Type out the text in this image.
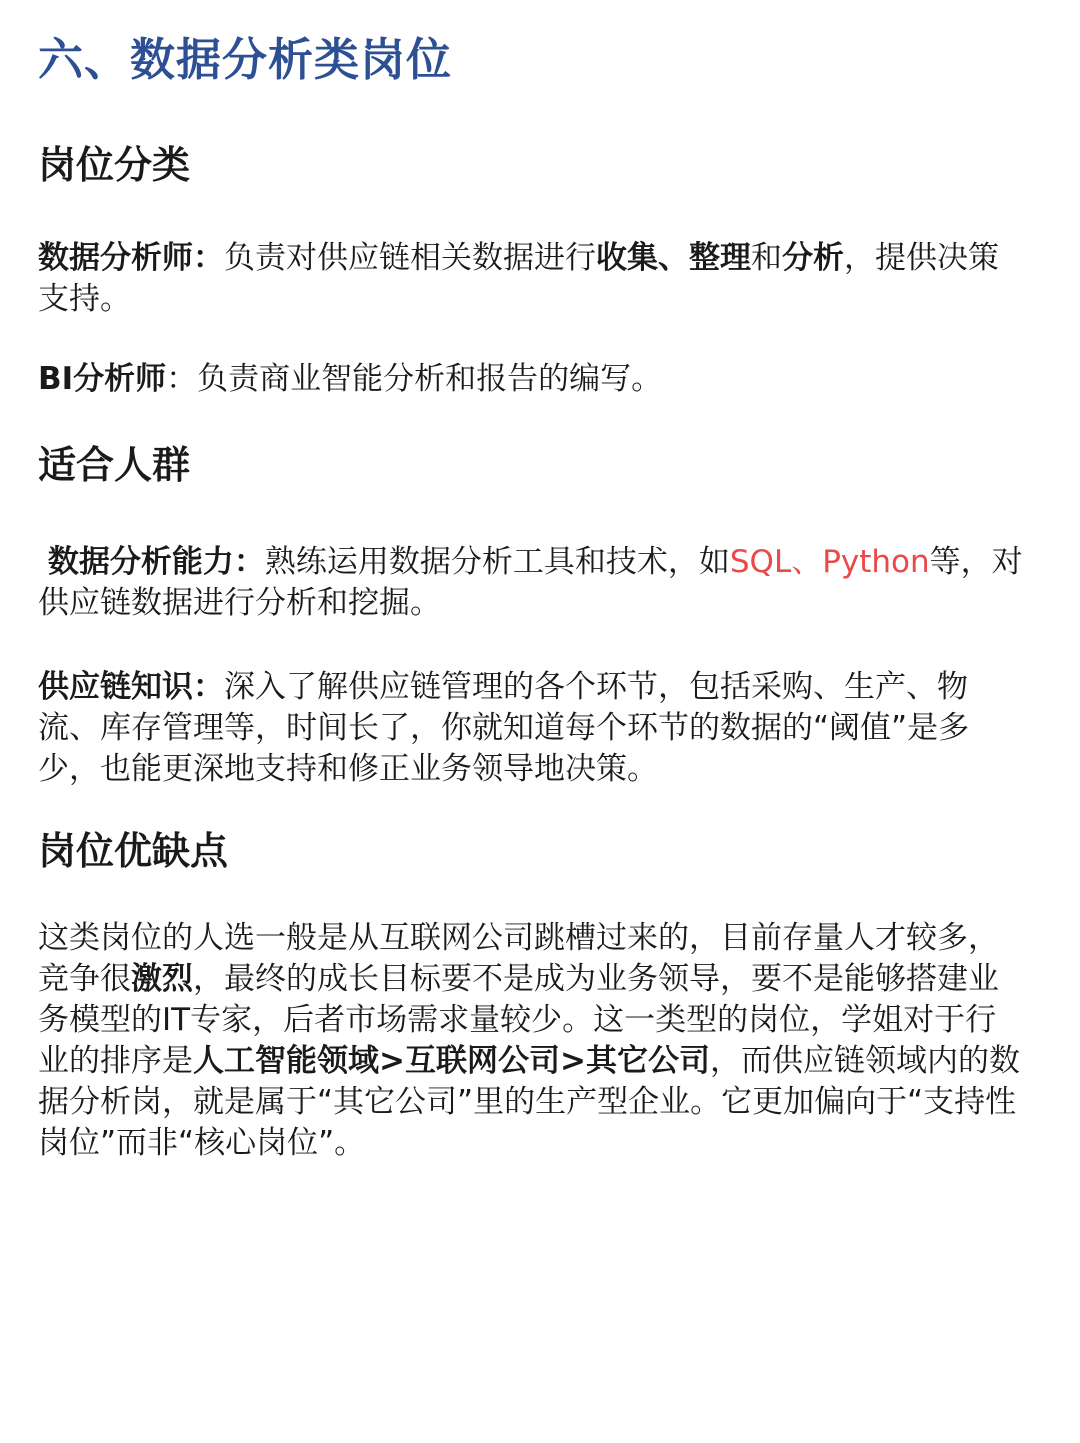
六、数据分析类岗位
岗位分类

数据分析师：负责对供应链相关数据进行收集、整理和分析，提供决策支持。

BI分析师：负责商业智能分析和报告的编写。

适合人群

数据分析能力：熟练运用数据分析工具和技术，如SQL、Python等，对供应链数据进行分析和挖掘。

供应链知识：深入了解供应链管理的各个环节，包括采购、生产、物流、库存管理等，时间长了，你就知道每个环节的数据的“阈值”是多少，也能更深地支持和修正业务领导地决策。

岗位优缺点

这类岗位的人选一般是从互联网公司跳槽过来的，目前存量人才较多，竞争很激烈，最终的成长目标要不是成为业务领导，要不是能够搭建业务模型的IT专家，后者市场需求量较少。这一类型的岗位，学姐对于行业的排序是人工智能领域>互联网公司>其它公司，而供应链领域内的数据分析岗，就是属于“其它公司”里的生产型企业。它更加偏向于“支持性岗位”而非“核心岗位”。
